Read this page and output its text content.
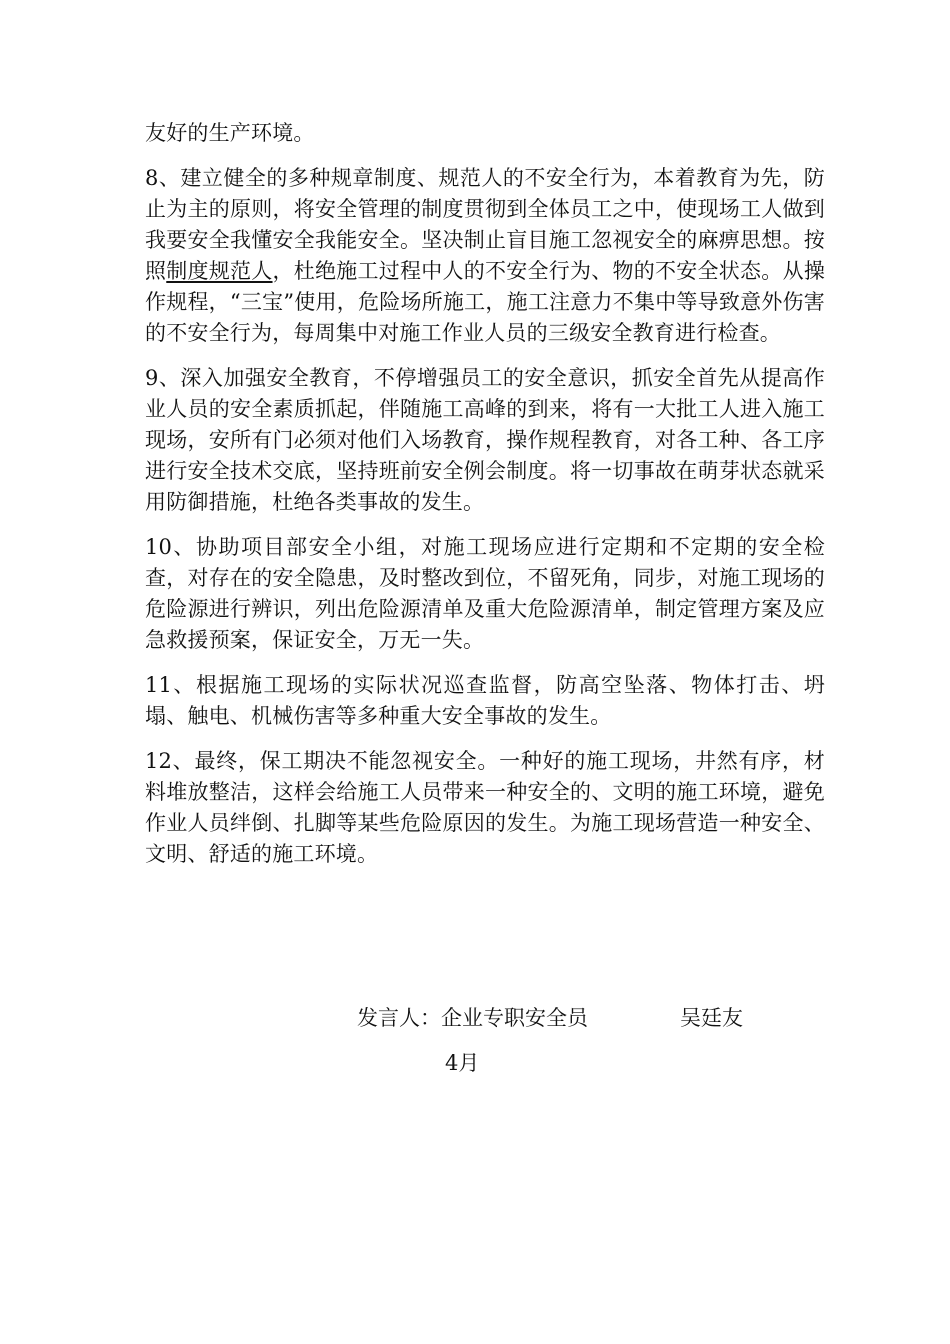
友好的生产环境。

8、建立健全的多种规章制度、规范人的不安全行为，本着教育为先，防止为主的原则，将安全管理的制度贯彻到全体员工之中，使现场工人做到我要安全我懂安全我能安全。坚决制止盲目施工忽视安全的麻痹思想。按照制度规范人，杜绝施工过程中人的不安全行为、物的不安全状态。从操作规程，“三宝”使用，危险场所施工，施工注意力不集中等导致意外伤害的不安全行为，每周集中对施工作业人员的三级安全教育进行检查。

9、深入加强安全教育，不停增强员工的安全意识，抓安全首先从提高作业人员的安全素质抓起，伴随施工高峰的到来，将有一大批工人进入施工现场，安所有门必须对他们入场教育，操作规程教育，对各工种、各工序进行安全技术交底，坚持班前安全例会制度。将一切事故在萌芽状态就采用防御措施，杜绝各类事故的发生。

10、协助项目部安全小组，对施工现场应进行定期和不定期的安全检查，对存在的安全隐患，及时整改到位，不留死角，同步，对施工现场的危险源进行辨识，列出危险源清单及重大危险源清单，制定管理方案及应急救援预案，保证安全，万无一失。

11、根据施工现场的实际状况巡查监督，防高空坠落、物体打击、坍塌、触电、机械伤害等多种重大安全事故的发生。

12、最终，保工期决不能忽视安全。一种好的施工现场，井然有序，材料堆放整洁，这样会给施工人员带来一种安全的、文明的施工环境，避免作业人员绊倒、扎脚等某些危险原因的发生。为施工现场营造一种安全、文明、舒适的施工环境。

发言人：企业专职安全员	吴廷友
4月
